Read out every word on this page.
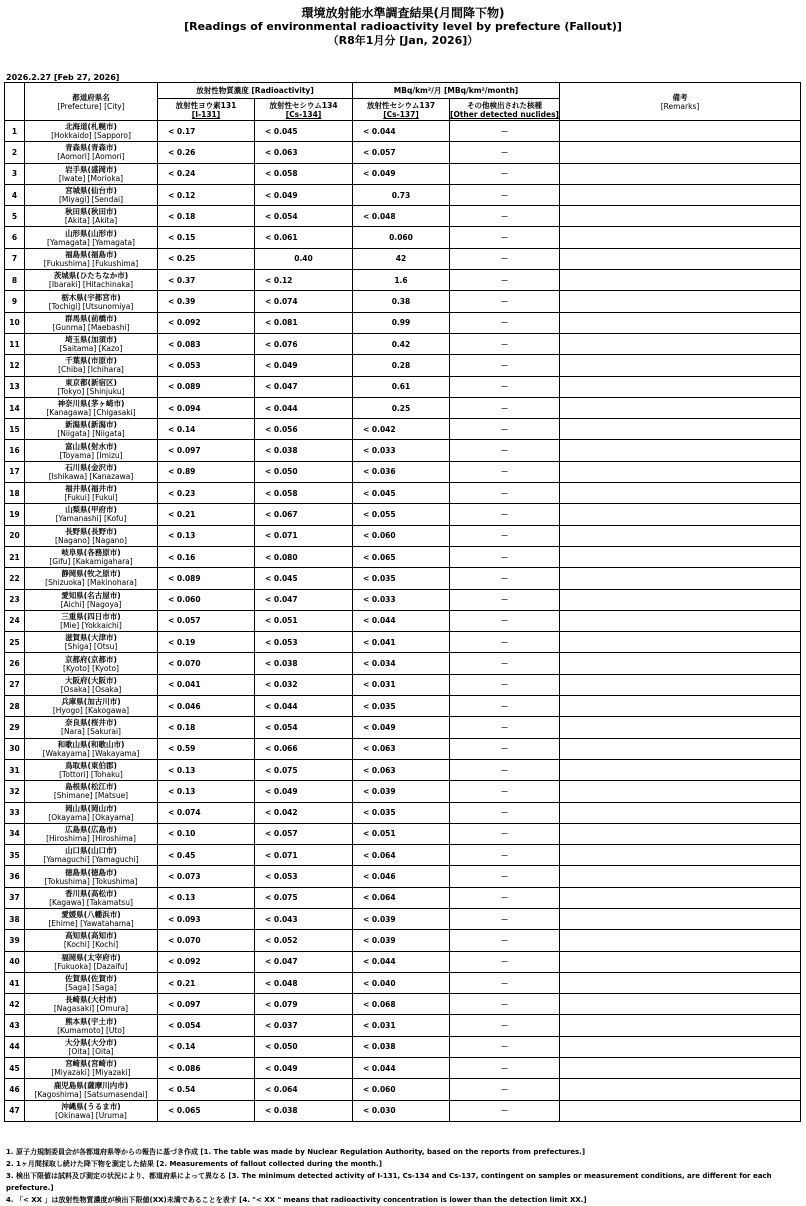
環境放射能水準調査結果(月間降下物)
[Readings of environmental radioactivity level by prefecture (Fallout)]
（R8年1月分 [Jan, 2026]）
2026.2.27 [Feb 27, 2026]
	都道府県名
[Prefecture] [City]	放射性物質濃度 [Radioactivity]		MBq/km²/月 [MBq/km²/month]		備考
[Remarks]
		放射性ヨウ素131
[I-131]	放射性セシウム134
[Cs-134]	放射性セシウム137
[Cs-137]	その他検出された核種
[Other detected nuclides]	

1	北海道(札幌市)
[Hokkaido] [Sapporo]	< 0.17	< 0.045	< 0.044	－	
2	青森県(青森市)
[Aomori] [Aomori]	< 0.26	< 0.063	< 0.057	－	
3	岩手県(盛岡市)
[Iwate] [Morioka]	< 0.24	< 0.058	< 0.049	－	
4	宮城県(仙台市)
[Miyagi] [Sendai]	< 0.12	< 0.049	0.73	－	
5	秋田県(秋田市)
[Akita] [Akita]	< 0.18	< 0.054	< 0.048	－	
6	山形県(山形市)
[Yamagata] [Yamagata]	< 0.15	< 0.061	0.060	－	
7	福島県(福島市)
[Fukushima] [Fukushima]	< 0.25	0.40	42	－	
8	茨城県(ひたちなか市)
[Ibaraki] [Hitachinaka]	< 0.37	< 0.12	1.6	－	
9	栃木県(宇都宮市)
[Tochigi] [Utsunomiya]	< 0.39	< 0.074	0.38	－	
10	群馬県(前橋市)
[Gunma] [Maebashi]	< 0.092	< 0.081	0.99	－	
11	埼玉県(加須市)
[Saitama] [Kazo]	< 0.083	< 0.076	0.42	－	
12	千葉県(市原市)
[Chiba] [Ichihara]	< 0.053	< 0.049	0.28	－	
13	東京都(新宿区)
[Tokyo] [Shinjuku]	< 0.089	< 0.047	0.61	－	
14	神奈川県(茅ヶ崎市)
[Kanagawa] [Chigasaki]	< 0.094	< 0.044	0.25	－	
15	新潟県(新潟市)
[Niigata] [Niigata]	< 0.14	< 0.056	< 0.042	－	
16	富山県(射水市)
[Toyama] [Imizu]	< 0.097	< 0.038	< 0.033	－	
17	石川県(金沢市)
[Ishikawa] [Kanazawa]	< 0.89	< 0.050	< 0.036	－	
18	福井県(福井市)
[Fukui] [Fukui]	< 0.23	< 0.058	< 0.045	－	
19	山梨県(甲府市)
[Yamanashi] [Kofu]	< 0.21	< 0.067	< 0.055	－	
20	長野県(長野市)
[Nagano] [Nagano]	< 0.13	< 0.071	< 0.060	－	
21	岐阜県(各務原市)
[Gifu] [Kakamigahara]	< 0.16	< 0.080	< 0.065	－	
22	静岡県(牧之原市)
[Shizuoka] [Makinohara]	< 0.089	< 0.045	< 0.035	－	
23	愛知県(名古屋市)
[Aichi] [Nagoya]	< 0.060	< 0.047	< 0.033	－	
24	三重県(四日市市)
[Mie] [Yokkaichi]	< 0.057	< 0.051	< 0.044	－	
25	滋賀県(大津市)
[Shiga] [Otsu]	< 0.19	< 0.053	< 0.041	－	
26	京都府(京都市)
[Kyoto] [Kyoto]	< 0.070	< 0.038	< 0.034	－	
27	大阪府(大阪市)
[Osaka] [Osaka]	< 0.041	< 0.032	< 0.031	－	
28	兵庫県(加古川市)
[Hyogo] [Kakogawa]	< 0.046	< 0.044	< 0.035	－	
29	奈良県(桜井市)
[Nara] [Sakurai]	< 0.18	< 0.054	< 0.049	－	
30	和歌山県(和歌山市)
[Wakayama] [Wakayama]	< 0.59	< 0.066	< 0.063	－	
31	鳥取県(東伯郡)
[Tottori] [Tohaku]	< 0.13	< 0.075	< 0.063	－	
32	島根県(松江市)
[Shimane] [Matsue]	< 0.13	< 0.049	< 0.039	－	
33	岡山県(岡山市)
[Okayama] [Okayama]	< 0.074	< 0.042	< 0.035	－	
34	広島県(広島市)
[Hiroshima] [Hiroshima]	< 0.10	< 0.057	< 0.051	－	
35	山口県(山口市)
[Yamaguchi] [Yamaguchi]	< 0.45	< 0.071	< 0.064	－	
36	徳島県(徳島市)
[Tokushima] [Tokushima]	< 0.073	< 0.053	< 0.046	－	
37	香川県(高松市)
[Kagawa] [Takamatsu]	< 0.13	< 0.075	< 0.064	－	
38	愛媛県(八幡浜市)
[Ehime] [Yawatahama]	< 0.093	< 0.043	< 0.039	－	
39	高知県(高知市)
[Kochi] [Kochi]	< 0.070	< 0.052	< 0.039	－	
40	福岡県(太宰府市)
[Fukuoka] [Dazaifu]	< 0.092	< 0.047	< 0.044	－	
41	佐賀県(佐賀市)
[Saga] [Saga]	< 0.21	< 0.048	< 0.040	－	
42	長崎県(大村市)
[Nagasaki] [Omura]	< 0.097	< 0.079	< 0.068	－	
43	熊本県(宇土市)
[Kumamoto] [Uto]	< 0.054	< 0.037	< 0.031	－	
44	大分県(大分市)
[Oita] [Oita]	< 0.14	< 0.050	< 0.038	－	
45	宮崎県(宮崎市)
[Miyazaki] [Miyazaki]	< 0.086	< 0.049	< 0.044	－	
46	鹿児島県(薩摩川内市)
[Kagoshima] [Satsumasendai]	< 0.54	< 0.064	< 0.060	－	
47	沖縄県(うるま市)
[Okinawa] [Uruma]	< 0.065	< 0.038	< 0.030	－	
1. 原子力規制委員会が各都道府県等からの報告に基づき作成 [1. The table was made by Nuclear Regulation Authority, based on the reports from prefectures.]
2. 1ヶ月間採取し続けた降下物を測定した結果 [2. Measurements of fallout collected during the month.]
3. 検出下限値は試料及び測定の状況により、都道府県によって異なる [3. The minimum detected activity of I-131, Cs-134 and Cs-137, contingent on samples or measurement conditions, are different for each prefecture.]
4. 「< XX 」は放射性物質濃度が検出下限値(XX)未満であることを表す [4. "< XX " means that radioactivity concentration is lower than the detection limit XX.]
